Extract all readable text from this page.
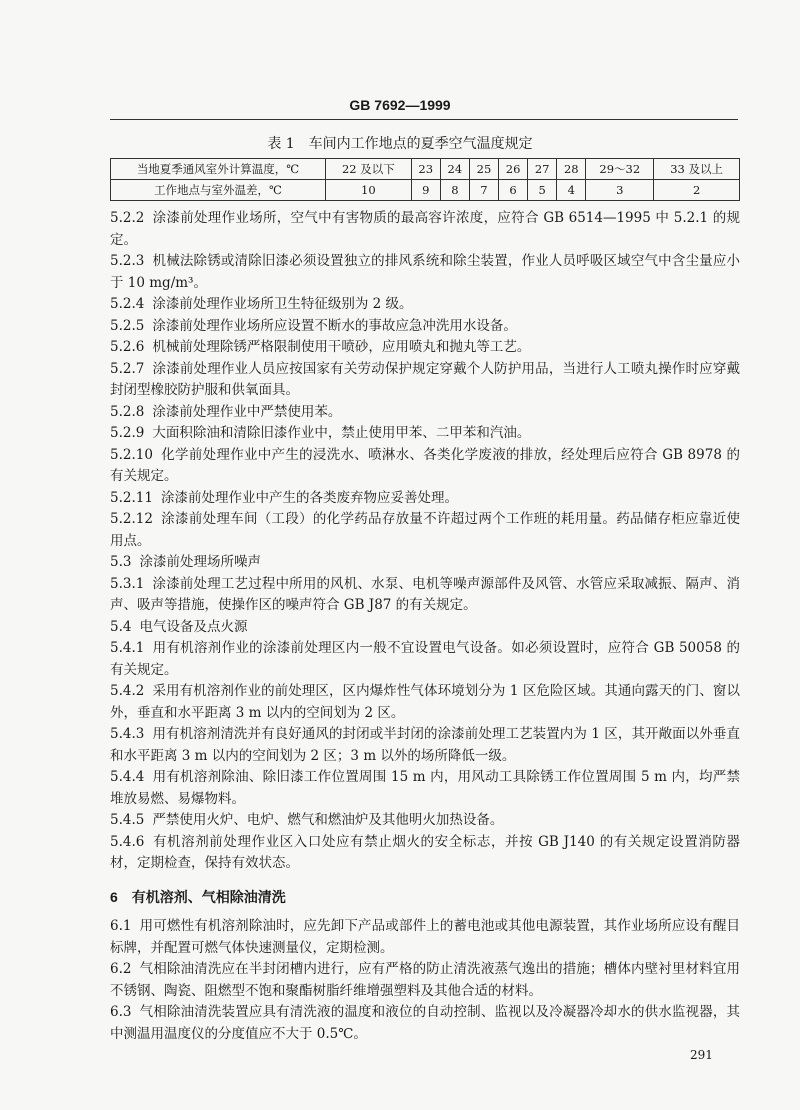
GB 7692—1999
表 1　车间内工作地点的夏季空气温度规定
当地夏季通风室外计算温度，℃	22 及以下	23	24	25	26	27	28	29～32	33 及以上
工作地点与室外温差，℃	10	9	8	7	6	5	4	3	2

5.2.2 涂漆前处理作业场所，空气中有害物质的最高容许浓度，应符合 GB 6514—1995 中 5.2.1 的规定。

5.2.3 机械法除锈或清除旧漆必须设置独立的排风系统和除尘装置，作业人员呼吸区域空气中含尘量应小于 10 mg/m³。

5.2.4 涂漆前处理作业场所卫生特征级别为 2 级。

5.2.5 涂漆前处理作业场所应设置不断水的事故应急冲洗用水设备。

5.2.6 机械前处理除锈严格限制使用干喷砂，应用喷丸和抛丸等工艺。

5.2.7 涂漆前处理作业人员应按国家有关劳动保护规定穿戴个人防护用品，当进行人工喷丸操作时应穿戴封闭型橡胶防护服和供氧面具。

5.2.8 涂漆前处理作业中严禁使用苯。

5.2.9 大面积除油和清除旧漆作业中，禁止使用甲苯、二甲苯和汽油。

5.2.10 化学前处理作业中产生的浸洗水、喷淋水、各类化学废液的排放，经处理后应符合 GB 8978 的有关规定。

5.2.11 涂漆前处理作业中产生的各类废弃物应妥善处理。

5.2.12 涂漆前处理车间（工段）的化学药品存放量不许超过两个工作班的耗用量。药品储存柜应靠近使用点。

5.3 涂漆前处理场所噪声

5.3.1 涂漆前处理工艺过程中所用的风机、水泵、电机等噪声源部件及风管、水管应采取减振、隔声、消声、吸声等措施，使操作区的噪声符合 GB J87 的有关规定。

5.4 电气设备及点火源

5.4.1 用有机溶剂作业的涂漆前处理区内一般不宜设置电气设备。如必须设置时，应符合 GB 50058 的有关规定。

5.4.2 采用有机溶剂作业的前处理区，区内爆炸性气体环境划分为 1 区危险区域。其通向露天的门、窗以外，垂直和水平距离 3 m 以内的空间划为 2 区。

5.4.3 用有机溶剂清洗并有良好通风的封闭或半封闭的涂漆前处理工艺装置内为 1 区，其开敞面以外垂直和水平距离 3 m 以内的空间划为 2 区；3 m 以外的场所降低一级。

5.4.4 用有机溶剂除油、除旧漆工作位置周围 15 m 内，用风动工具除锈工作位置周围 5 m 内，均严禁堆放易燃、易爆物料。

5.4.5 严禁使用火炉、电炉、燃气和燃油炉及其他明火加热设备。

5.4.6 有机溶剂前处理作业区入口处应有禁止烟火的安全标志，并按 GB J140 的有关规定设置消防器材，定期检查，保持有效状态。

6　有机溶剂、气相除油清洗

6.1 用可燃性有机溶剂除油时，应先卸下产品或部件上的蓄电池或其他电源装置，其作业场所应设有醒目标牌，并配置可燃气体快速测量仪，定期检测。

6.2 气相除油清洗应在半封闭槽内进行，应有严格的防止清洗液蒸气逸出的措施；槽体内壁衬里材料宜用不锈钢、陶瓷、阻燃型不饱和聚酯树脂纤维增强塑料及其他合适的材料。

6.3 气相除油清洗装置应具有清洗液的温度和液位的自动控制、监视以及冷凝器冷却水的供水监视器，其中测温用温度仪的分度值应不大于 0.5℃。

291
